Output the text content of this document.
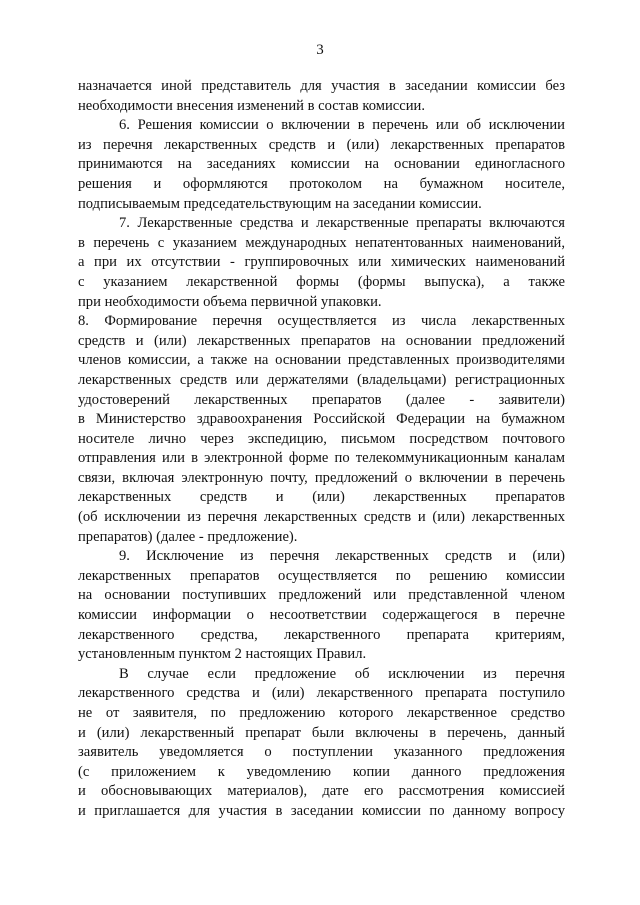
3
назначается иной представитель для участия в заседании комиссии без
необходимости внесения изменений в состав комиссии.
6. Решения комиссии о включении в перечень или об исключении
из перечня лекарственных средств и (или) лекарственных препаратов
принимаются на заседаниях комиссии на основании единогласного
решения и оформляются протоколом на бумажном носителе,
подписываемым председательствующим на заседании комиссии.
7. Лекарственные средства и лекарственные препараты включаются
в перечень с указанием международных непатентованных наименований,
а при их отсутствии - группировочных или химических наименований
с указанием лекарственной формы (формы выпуска), а также
при необходимости объема первичной упаковки.
8. Формирование перечня осуществляется из числа лекарственных
средств и (или) лекарственных препаратов на основании предложений
членов комиссии, а также на основании представленных производителями
лекарственных средств или держателями (владельцами) регистрационных
удостоверений лекарственных препаратов (далее - заявители)
в Министерство здравоохранения Российской Федерации на бумажном
носителе лично через экспедицию, письмом посредством почтового
отправления или в электронной форме по телекоммуникационным каналам
связи, включая электронную почту, предложений о включении в перечень
лекарственных средств и (или) лекарственных препаратов
(об исключении из перечня лекарственных средств и (или) лекарственных
препаратов) (далее - предложение).
9. Исключение из перечня лекарственных средств и (или)
лекарственных препаратов осуществляется по решению комиссии
на основании поступивших предложений или представленной членом
комиссии информации о несоответствии содержащегося в перечне
лекарственного средства, лекарственного препарата критериям,
установленным пунктом 2 настоящих Правил.
В случае если предложение об исключении из перечня
лекарственного средства и (или) лекарственного препарата поступило
не от заявителя, по предложению которого лекарственное средство
и (или) лекарственный препарат были включены в перечень, данный
заявитель уведомляется о поступлении указанного предложения
(с приложением к уведомлению копии данного предложения
и обосновывающих материалов), дате его рассмотрения комиссией
и приглашается для участия в заседании комиссии по данному вопросу
